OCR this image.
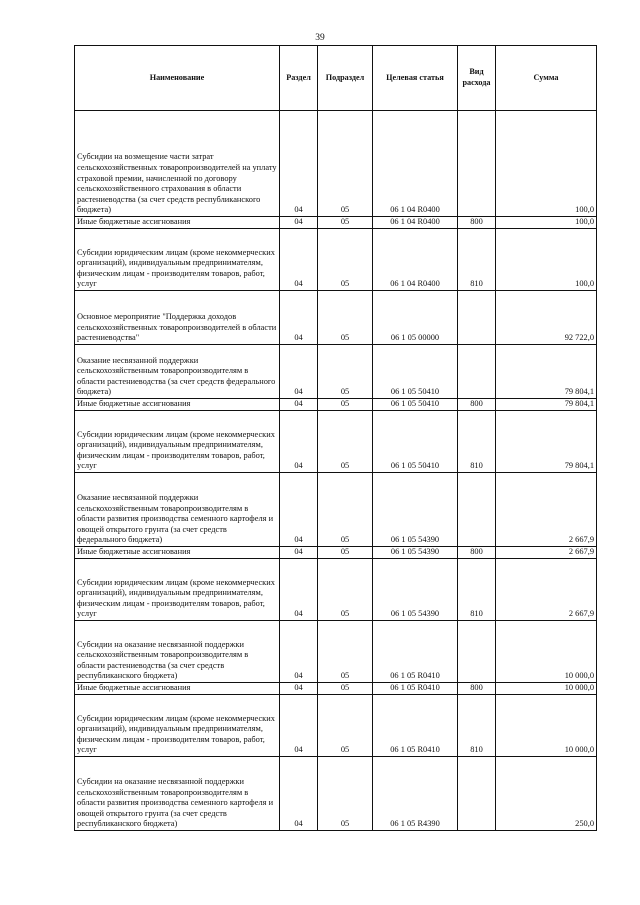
39
Наименование	Раздел	Подраздел	Целевая статья	Вид расхода	Сумма
Субсидии на возмещение части затрат сельскохозяйственных товаропроизводителей на уплату страховой премии, начисленной по договору сельскохозяйственного страхования в области растениеводства (за счет средств республиканского бюджета)	04	05	06 1 04 R0400		100,0
Иные бюджетные ассигнования	04	05	06 1 04 R0400	800	100,0
Субсидии юридическим лицам (кроме некоммерческих организаций), индивидуальным предпринимателям, физическим лицам - производителям товаров, работ, услуг	04	05	06 1 04 R0400	810	100,0
Основное мероприятие "Поддержка доходов сельскохозяйственных товаропроизводителей в области растениеводства"	04	05	06 1 05 00000		92 722,0
Оказание несвязанной поддержки сельскохозяйственным товаропроизводителям в области растениеводства (за счет средств федерального бюджета)	04	05	06 1 05 50410		79 804,1
Иные бюджетные ассигнования	04	05	06 1 05 50410	800	79 804,1
Субсидии юридическим лицам (кроме некоммерческих организаций), индивидуальным предпринимателям, физическим лицам - производителям товаров, работ, услуг	04	05	06 1 05 50410	810	79 804,1
Оказание несвязанной поддержки сельскохозяйственным товаропроизводителям в области развития производства семенного картофеля и овощей открытого грунта (за счет средств федерального бюджета)	04	05	06 1 05 54390		2 667,9
Иные бюджетные ассигнования	04	05	06 1 05 54390	800	2 667,9
Субсидии юридическим лицам (кроме некоммерческих организаций), индивидуальным предпринимателям, физическим лицам - производителям товаров, работ, услуг	04	05	06 1 05 54390	810	2 667,9
Субсидии на оказание несвязанной поддержки сельскохозяйственным товаропроизводителям в области растениеводства (за счет средств республиканского бюджета)	04	05	06 1 05 R0410		10 000,0
Иные бюджетные ассигнования	04	05	06 1 05 R0410	800	10 000,0
Субсидии юридическим лицам (кроме некоммерческих организаций), индивидуальным предпринимателям, физическим лицам - производителям товаров, работ, услуг	04	05	06 1 05 R0410	810	10 000,0
Субсидии на оказание несвязанной поддержки сельскохозяйственным товаропроизводителям в области развития производства семенного картофеля и овощей открытого грунта (за счет средств республиканского бюджета)	04	05	06 1 05 R4390		250,0
